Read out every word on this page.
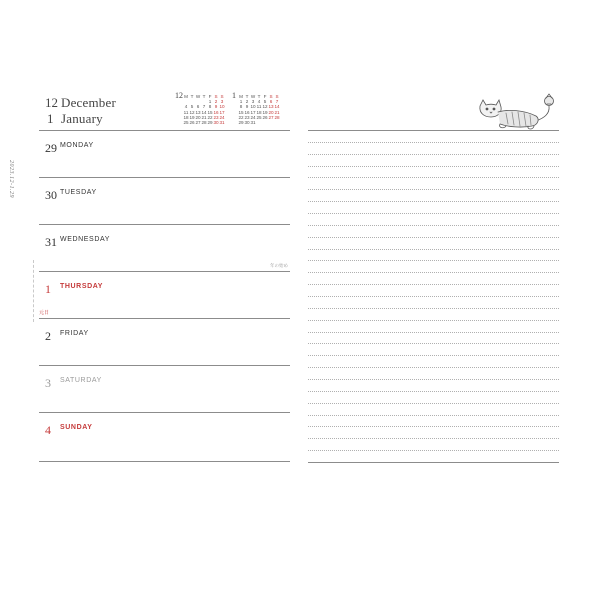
12 December
1 January
2023.12-1.29
12 M T W T F S S
1 2 3
4 5 6 7 8 9 10
11 12 13 14 15 16 17
18 19 20 21 22 23 24
25 26 27 28 29 30 31
1 M T W T F S S
1 2 3 4 5 6 7
8 9 10 11 12 13 14
15 16 17 18 19 20 21
22 23 24 25 26 27 28
29 30 31
29 MONDAY
30 TUESDAY
31 WEDNESDAY
年の始め
1 THURSDAY
元日
2 FRIDAY
3 SATURDAY
4 SUNDAY
